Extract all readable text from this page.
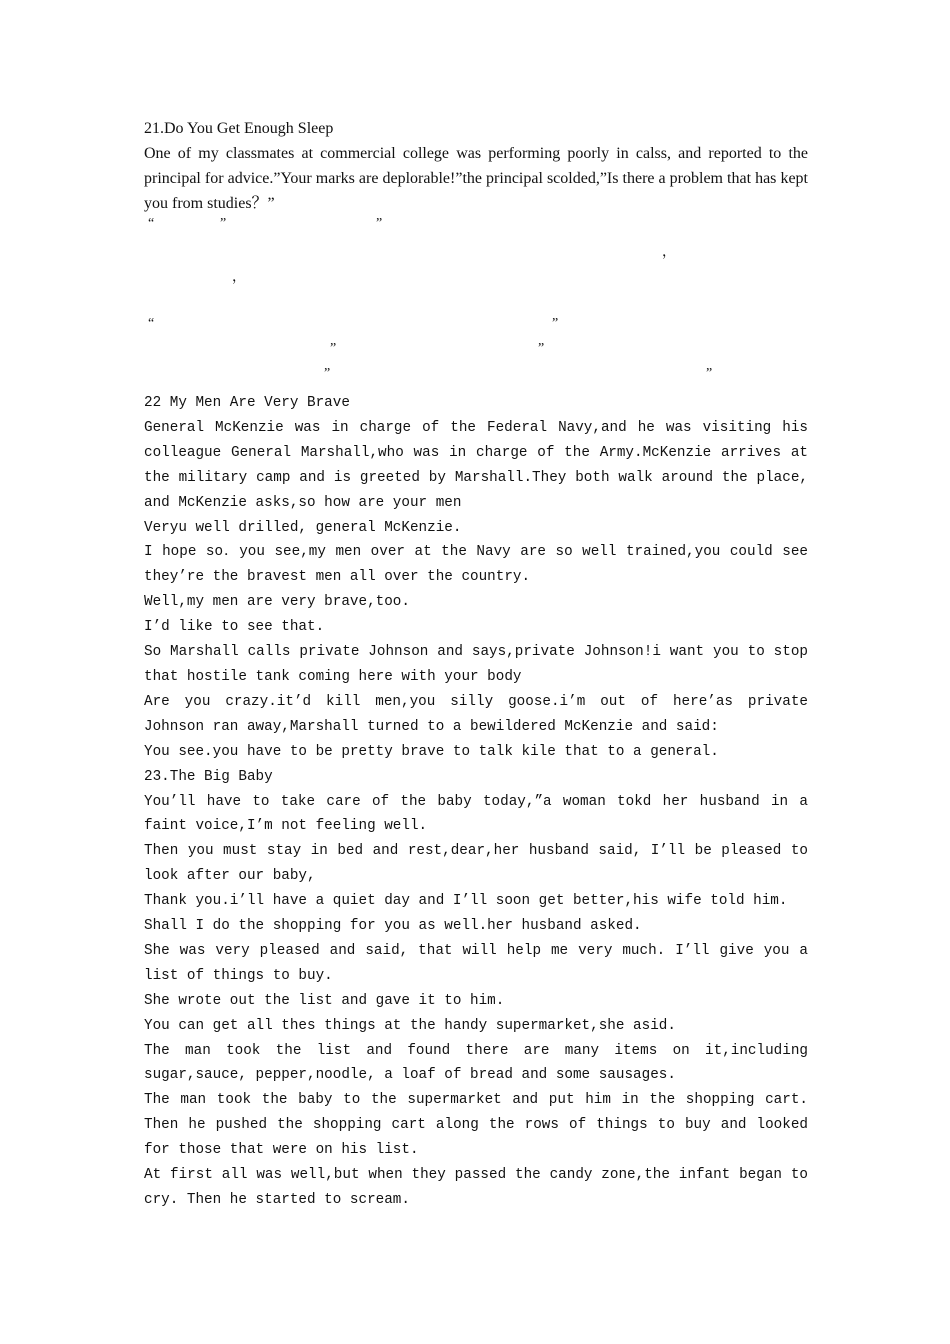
21.Do You Get Enough Sleep

One of my classmates at commercial college was performing poorly in calss, and reported to the principal for advice.”Your marks are deplorable!”the principal scolded,”Is there a problem that has kept you from studies？”

“	”	”
，
，
“	”
”	”
”	”

22 My Men Are Very Brave

General McKenzie was in charge of the Federal Navy,and he was visiting his colleague General Marshall,who was in charge of the Army.McKenzie arrives at the military camp and is greeted by Marshall.They both walk around the place, and McKenzie asks,so how are your men

Veryu well drilled, general McKenzie.

I hope so．you see,my men over at the Navy are so well trained,you could see they’re the bravest men all over the country.

Well,my men are very brave,too.

I’d like to see that.

So Marshall calls private Johnson and says,private Johnson!i want you to stop that hostile tank coming here with your body

Are you crazy.it’d kill men,you silly goose.i’m out of here’as private Johnson ran away,Marshall turned to a bewildered McKenzie and said:

You see.you have to be pretty brave to talk kile that to a general.

23.The Big Baby

You’ll have to take care of the baby today,”a woman tokd her husband in a faint voice,I’m not feeling well.

Then you must stay in bed and rest,dear,her husband said, I’ll be pleased to look after our baby,

Thank you.i’ll have a quiet day and I’ll soon get better,his wife told him.

Shall I do the shopping for you as well.her husband asked.

She was very pleased and said, that will help me very much. I’ll give you a list of things to buy.

She wrote out the list and gave it to him.

You can get all thes things at the handy supermarket,she asid.

The man took the list and found there are many items on it,including sugar,sauce, pepper,noodle, a loaf of bread and some sausages.

The man took the baby to the supermarket and put him in the shopping cart. Then he pushed the shopping cart along the rows of things to buy and looked for those that were on his list.

At first all was well,but when they passed the candy zone,the infant began to cry. Then he started to scream.
